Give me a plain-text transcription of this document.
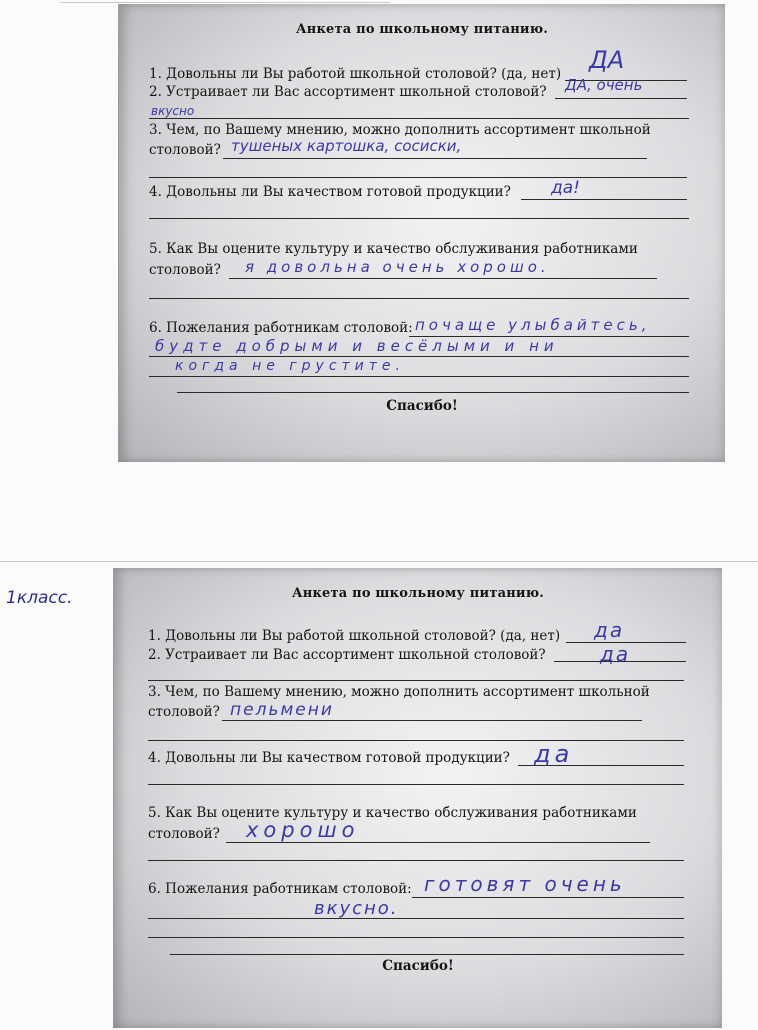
1класс.
Анкета по школьному питанию.
1. Довольны ли Вы работой школьной столовой? (да, нет) ДА
2. Устраивает ли Вас ассортимент школьной столовой? ДА, очень
вкусно
3. Чем, по Вашему мнению, можно дополнить ассортимент школьной
столовой? тушеных картошка, сосиски,
4. Довольны ли Вы качеством готовой продукции? да!
5. Как Вы оцените культуру и качество обслуживания работниками
столовой? я довольна очень хорошо.
6. Пожелания работникам столовой: почаще улыбайтесь,
будте добрыми и весёлыми и ни
когда не грустите.
Спасибо!
Анкета по школьному питанию.
1. Довольны ли Вы работой школьной столовой? (да, нет) да
2. Устраивает ли Вас ассортимент школьной столовой?	да
3. Чем, по Вашему мнению, можно дополнить ассортимент школьной
столовой? пельмени
4. Довольны ли Вы качеством готовой продукции? да
5. Как Вы оцените культуру и качество обслуживания работниками
столовой? хорошо
6. Пожелания работникам столовой: готовят очень
вкусно.
Спасибо!
